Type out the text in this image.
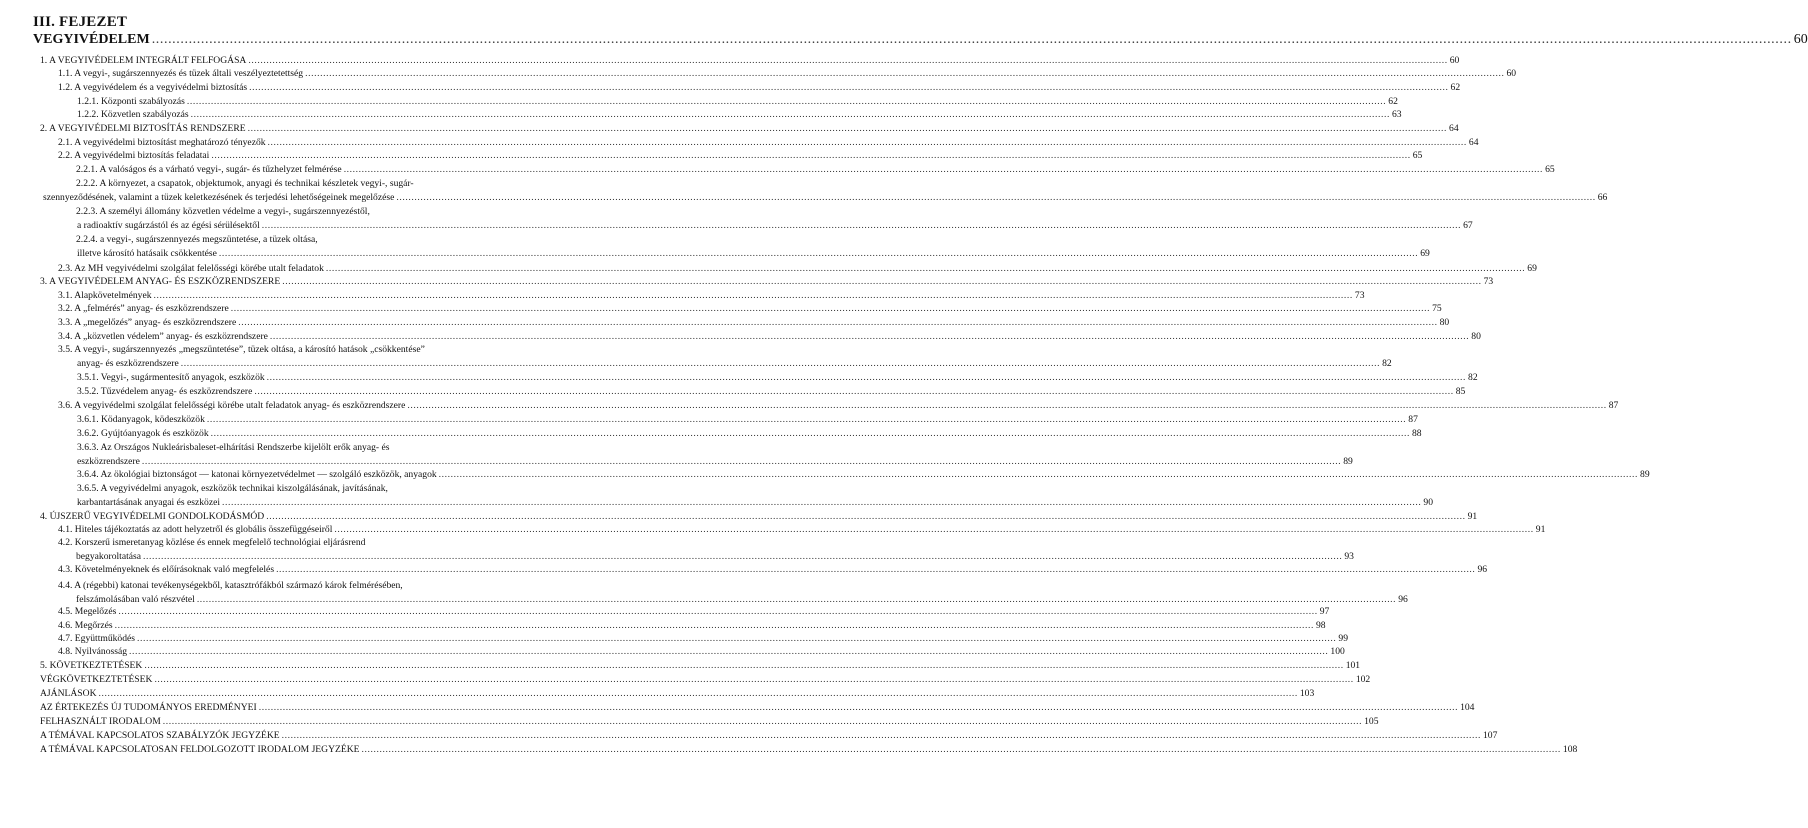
III. FEJEZET
VEGYIVÉDELEM ................................................................................................................................................................................................................................................................................................................................................................................................................ 60
1. A VEGYIVÉDELEM INTEGRÁLT FELFOGÁSA ................................................................................................................................................................................................................................................................................................................................................................................................................ 60
1.1. A vegyi-, sugárszennyezés és tüzek általi veszélyeztetettség ................................................................................................................................................................................................................................................................................................................................................................................................................ 60
1.2. A vegyivédelem és a vegyivédelmi biztosítás ................................................................................................................................................................................................................................................................................................................................................................................................................ 62
1.2.1. Központi szabályozás ................................................................................................................................................................................................................................................................................................................................................................................................................ 62
1.2.2. Közvetlen szabályozás ................................................................................................................................................................................................................................................................................................................................................................................................................ 63
2. A VEGYIVÉDELMI BIZTOSÍTÁS RENDSZERE ................................................................................................................................................................................................................................................................................................................................................................................................................ 64
2.1. A vegyivédelmi biztosítást meghatározó tényezők ................................................................................................................................................................................................................................................................................................................................................................................................................ 64
2.2. A vegyivédelmi biztosítás feladatai ................................................................................................................................................................................................................................................................................................................................................................................................................ 65
2.2.1. A valóságos és a várható vegyi-, sugár- és tűzhelyzet felmérése ................................................................................................................................................................................................................................................................................................................................................................................................................ 65
2.2.2. A környezet, a csapatok, objektumok, anyagi és technikai készletek vegyi-, sugár-
szennyeződésének, valamint a tüzek keletkezésének és terjedési lehetőségeinek megelőzése ................................................................................................................................................................................................................................................................................................................................................................................................................ 66
2.2.3. A személyi állomány közvetlen védelme a vegyi-, sugárszennyezéstől,
a radioaktív sugárzástól és az égési sérülésektől ................................................................................................................................................................................................................................................................................................................................................................................................................ 67
2.2.4. a vegyi-, sugárszennyezés megszüntetése, a tüzek oltása,
illetve károsító hatásaik csökkentése ................................................................................................................................................................................................................................................................................................................................................................................................................ 69
2.3. Az MH vegyivédelmi szolgálat felelősségi körébe utalt feladatok ................................................................................................................................................................................................................................................................................................................................................................................................................ 69
3. A VEGYIVÉDELEM ANYAG- ÉS ESZKÖZRENDSZERE ................................................................................................................................................................................................................................................................................................................................................................................................................ 73
3.1. Alapkövetelmények ................................................................................................................................................................................................................................................................................................................................................................................................................ 73
3.2. A „felmérés” anyag- és eszközrendszere ................................................................................................................................................................................................................................................................................................................................................................................................................ 75
3.3. A „megelőzés” anyag- és eszközrendszere ................................................................................................................................................................................................................................................................................................................................................................................................................ 80
3.4. A „közvetlen védelem” anyag- és eszközrendszere ................................................................................................................................................................................................................................................................................................................................................................................................................ 80
3.5. A vegyi-, sugárszennyezés „megszüntetése”, tüzek oltása, a károsító hatások „csökkentése”
anyag- és eszközrendszere ................................................................................................................................................................................................................................................................................................................................................................................................................ 82
3.5.1. Vegyi-, sugármentesítő anyagok, eszközök ................................................................................................................................................................................................................................................................................................................................................................................................................ 82
3.5.2. Tűzvédelem anyag- és eszközrendszere ................................................................................................................................................................................................................................................................................................................................................................................................................ 85
3.6. A vegyivédelmi szolgálat felelősségi körébe utalt feladatok anyag- és eszközrendszere ................................................................................................................................................................................................................................................................................................................................................................................................................ 87
3.6.1. Ködanyagok, ködeszközök ................................................................................................................................................................................................................................................................................................................................................................................................................ 87
3.6.2. Gyújtóanyagok és eszközök ................................................................................................................................................................................................................................................................................................................................................................................................................ 88
3.6.3. Az Országos Nukleárisbaleset-elhárítási Rendszerbe kijelölt erők anyag- és
eszközrendszere ................................................................................................................................................................................................................................................................................................................................................................................................................ 89
3.6.4. Az ökológiai biztonságot — katonai környezetvédelmet — szolgáló eszközök, anyagok ................................................................................................................................................................................................................................................................................................................................................................................................................ 89
3.6.5. A vegyivédelmi anyagok, eszközök technikai kiszolgálásának, javításának,
karbantartásának anyagai és eszközei ................................................................................................................................................................................................................................................................................................................................................................................................................ 90
4. ÚJSZERŰ VEGYIVÉDELMI GONDOLKODÁSMÓD ................................................................................................................................................................................................................................................................................................................................................................................................................ 91
4.1. Hiteles tájékoztatás az adott helyzetről és globális összefüggéseiről ................................................................................................................................................................................................................................................................................................................................................................................................................ 91
4.2. Korszerű ismeretanyag közlése és ennek megfelelő technológiai eljárásrend
begyakoroltatása ................................................................................................................................................................................................................................................................................................................................................................................................................ 93
4.3. Követelményeknek és előírásoknak való megfelelés ................................................................................................................................................................................................................................................................................................................................................................................................................ 96
4.4. A (régebbi) katonai tevékenységekből, katasztrófákból származó károk felmérésében,
felszámolásában való részvétel ................................................................................................................................................................................................................................................................................................................................................................................................................ 96
4.5. Megelőzés ................................................................................................................................................................................................................................................................................................................................................................................................................ 97
4.6. Megőrzés ................................................................................................................................................................................................................................................................................................................................................................................................................ 98
4.7. Együttműködés ................................................................................................................................................................................................................................................................................................................................................................................................................ 99
4.8. Nyilvánosság ................................................................................................................................................................................................................................................................................................................................................................................................................ 100
5. KÖVETKEZTETÉSEK ................................................................................................................................................................................................................................................................................................................................................................................................................ 101
VÉGKÖVETKEZTETÉSEK ................................................................................................................................................................................................................................................................................................................................................................................................................ 102
AJÁNLÁSOK ................................................................................................................................................................................................................................................................................................................................................................................................................ 103
AZ ÉRTEKEZÉS ÚJ TUDOMÁNYOS EREDMÉNYEI ................................................................................................................................................................................................................................................................................................................................................................................................................ 104
FELHASZNÁLT IRODALOM ................................................................................................................................................................................................................................................................................................................................................................................................................ 105
A TÉMÁVAL KAPCSOLATOS SZABÁLYZÓK JEGYZÉKE ................................................................................................................................................................................................................................................................................................................................................................................................................ 107
A TÉMÁVAL KAPCSOLATOSAN FELDOLGOZOTT IRODALOM JEGYZÉKE ................................................................................................................................................................................................................................................................................................................................................................................................................ 108
